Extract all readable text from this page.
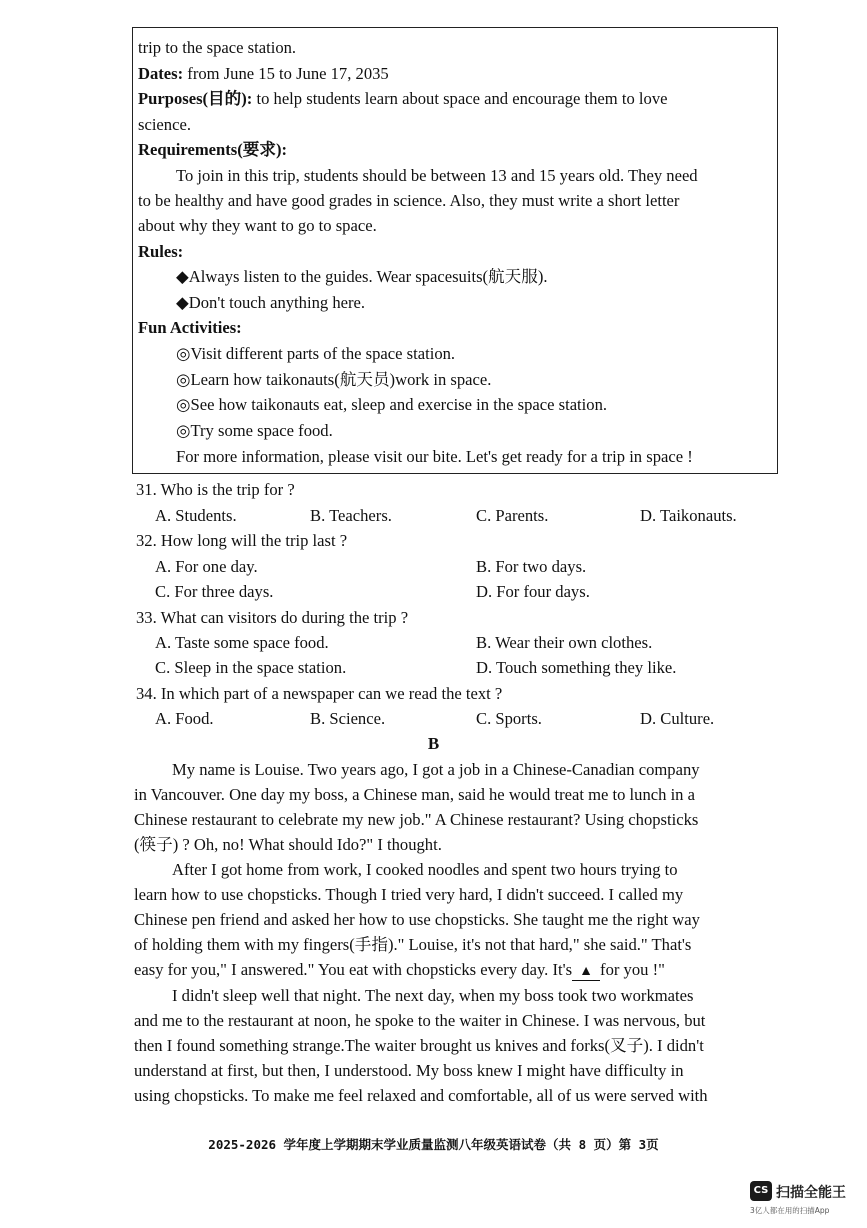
trip to the space station.
Dates: from June 15 to June 17, 2035
Purposes(目的): to help students learn about space and encourage them to love
science.
Requirements(要求):
To join in this trip, students should be between 13 and 15 years old. They need
to be healthy and have good grades in science. Also, they must write a short letter
about why they want to go to space.
Rules:
◆Always listen to the guides. Wear spacesuits(航天服).
◆Don't touch anything here.
Fun Activities:
◎Visit different parts of the space station.
◎Learn how taikonauts(航天员)work in space.
◎See how taikonauts eat, sleep and exercise in the space station.
◎Try some space food.
For more information, please visit our bite. Let's get ready for a trip in space !
31. Who is the trip for ?
A. Students.	B. Teachers.	C. Parents.	D. Taikonauts.
32. How long will the trip last ?
A. For one day.	B. For two days.
C. For three days.	D. For four days.
33. What can visitors do during the trip ?
A. Taste some space food.	B. Wear their own clothes.
C. Sleep in the space station.	D. Touch something they like.
34. In which part of a newspaper can we read the text ?
A. Food.	B. Science.	C. Sports.	D. Culture.
B
My name is Louise. Two years ago, I got a job in a Chinese-Canadian company
in Vancouver. One day my boss, a Chinese man, said he would treat me to lunch in a
Chinese restaurant to celebrate my new job." A Chinese restaurant? Using chopsticks
(筷子) ? Oh, no! What should Ido?" I thought.
After I got home from work, I cooked noodles and spent two hours trying to
learn how to use chopsticks. Though I tried very hard, I didn't succeed. I called my
Chinese pen friend and asked her how to use chopsticks. She taught me the right way
of holding them with my fingers(手指)." Louise, it's not that hard," she said." That's
easy for you," I answered." You eat with chopsticks every day. It's ▲ for you !"
I didn't sleep well that night. The next day, when my boss took two workmates
and me to the restaurant at noon, he spoke to the waiter in Chinese. I was nervous, but
then I found something strange.The waiter brought us knives and forks(叉子). I didn't
understand at first, but then, I understood. My boss knew I might have difficulty in
using chopsticks. To make me feel relaxed and comfortable, all of us were served with
2025-2026 学年度上学期期末学业质量监测八年级英语试卷（共 8 页）第 3页
CS 扫描全能王
3亿人都在用的扫描App
